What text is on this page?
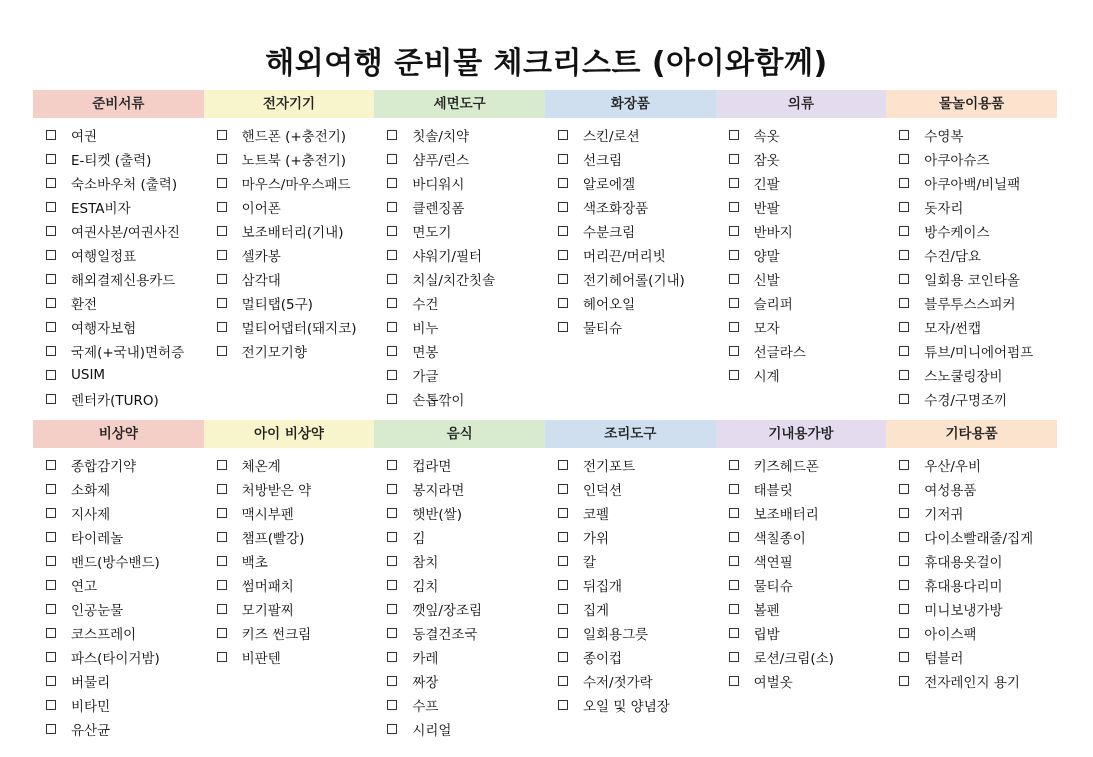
해외여행 준비물 체크리스트 (아이와함께)
준비서류
여권
E-티켓 (출력)
숙소바우처 (출력)
ESTA비자
여권사본/여권사진
여행일정표
해외결제신용카드
환전
여행자보험
국제(+국내)면허증
USIM
렌터카(TURO)
전자기기
핸드폰 (+충전기)
노트북 (+충전기)
마우스/마우스패드
이어폰
보조배터리(기내)
셀카봉
삼각대
멀티탭(5구)
멀티어댑터(돼지코)
전기모기향
세면도구
칫솔/치약
샴푸/린스
바디워시
클렌징폼
면도기
샤워기/필터
치실/치간칫솔
수건
비누
면봉
가글
손톱깎이
화장품
스킨/로션
선크림
알로에겔
색조화장품
수분크림
머리끈/머리빗
전기헤어롤(기내)
헤어오일
물티슈
의류
속옷
잠옷
긴팔
반팔
반바지
양말
신발
슬리퍼
모자
선글라스
시계
물놀이용품
수영복
아쿠아슈즈
아쿠아백/비닐팩
돗자리
방수케이스
수건/담요
일회용 코인타올
블루투스스피커
모자/썬캡
튜브/미니에어펌프
스노쿨링장비
수경/구명조끼
비상약
종합감기약
소화제
지사제
타이레놀
밴드(방수밴드)
연고
인공눈물
코스프레이
파스(타이거밤)
버물리
비타민
유산균
아이 비상약
체온계
처방받은 약
맥시부펜
챔프(빨강)
백초
썸머패치
모기팔찌
키즈 썬크림
비판텐
음식
컵라면
봉지라면
햇반(쌀)
김
참치
김치
깻잎/장조림
동결건조국
카레
짜장
수프
시리얼
조리도구
전기포트
인덕션
코펠
가위
칼
뒤집개
집게
일회용그릇
종이컵
수저/젓가락
오일 및 양념장
기내용가방
키즈헤드폰
태블릿
보조배터리
색칠종이
색연필
물티슈
볼펜
립밤
로션/크림(소)
여벌옷
기타용품
우산/우비
여성용품
기저귀
다이소빨래줄/집게
휴대용옷걸이
휴대용다리미
미니보냉가방
아이스팩
텀블러
전자레인지 용기
